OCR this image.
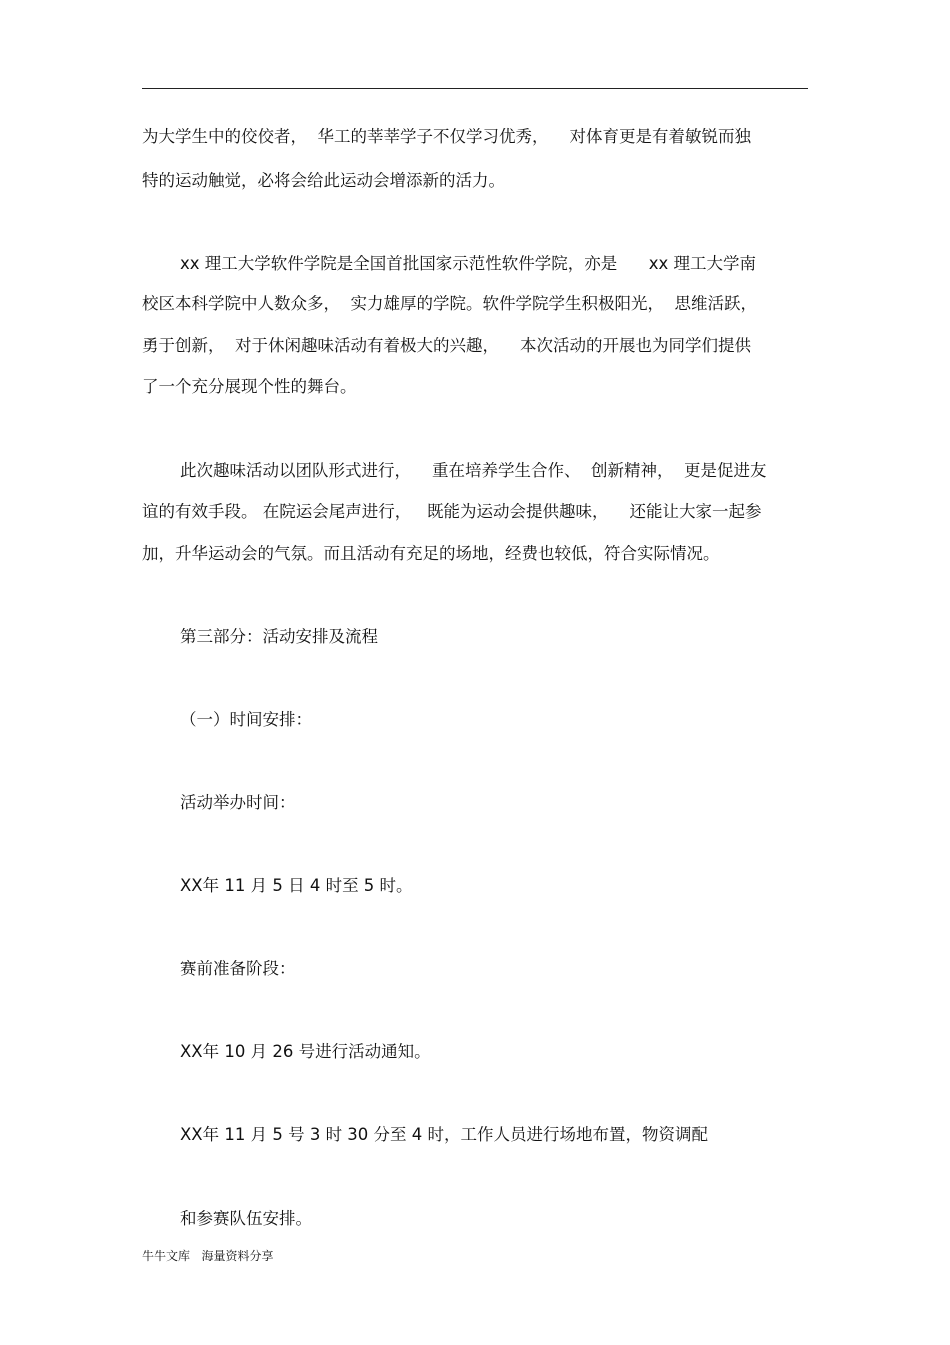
为大学生中的佼佼者，  华工的莘莘学子不仅学习优秀，    对体育更是有着敏锐而独

特的运动触觉，必将会给此运动会增添新的活力。

xx 理工大学软件学院是全国首批国家示范性软件学院，亦是      xx 理工大学南

校区本科学院中人数众多，  实力雄厚的学院。软件学院学生积极阳光，  思维活跃，

勇于创新，  对于休闲趣味活动有着极大的兴趣，    本次活动的开展也为同学们提供

了一个充分展现个性的舞台。

此次趣味活动以团队形式进行，    重在培养学生合作、  创新精神，  更是促进友

谊的有效手段。 在院运会尾声进行，   既能为运动会提供趣味，    还能让大家一起参

加，升华运动会的气氛。而且活动有充足的场地，经费也较低，符合实际情况。

第三部分：活动安排及流程

（一）时间安排：

活动举办时间：

XX年 11 月 5 日 4 时至 5 时。

赛前准备阶段：

XX年 10 月 26 号进行活动通知。

XX年 11 月 5 号 3 时 30 分至 4 时，工作人员进行场地布置，物资调配

和参赛队伍安排。

牛牛文库   海量资料分享
